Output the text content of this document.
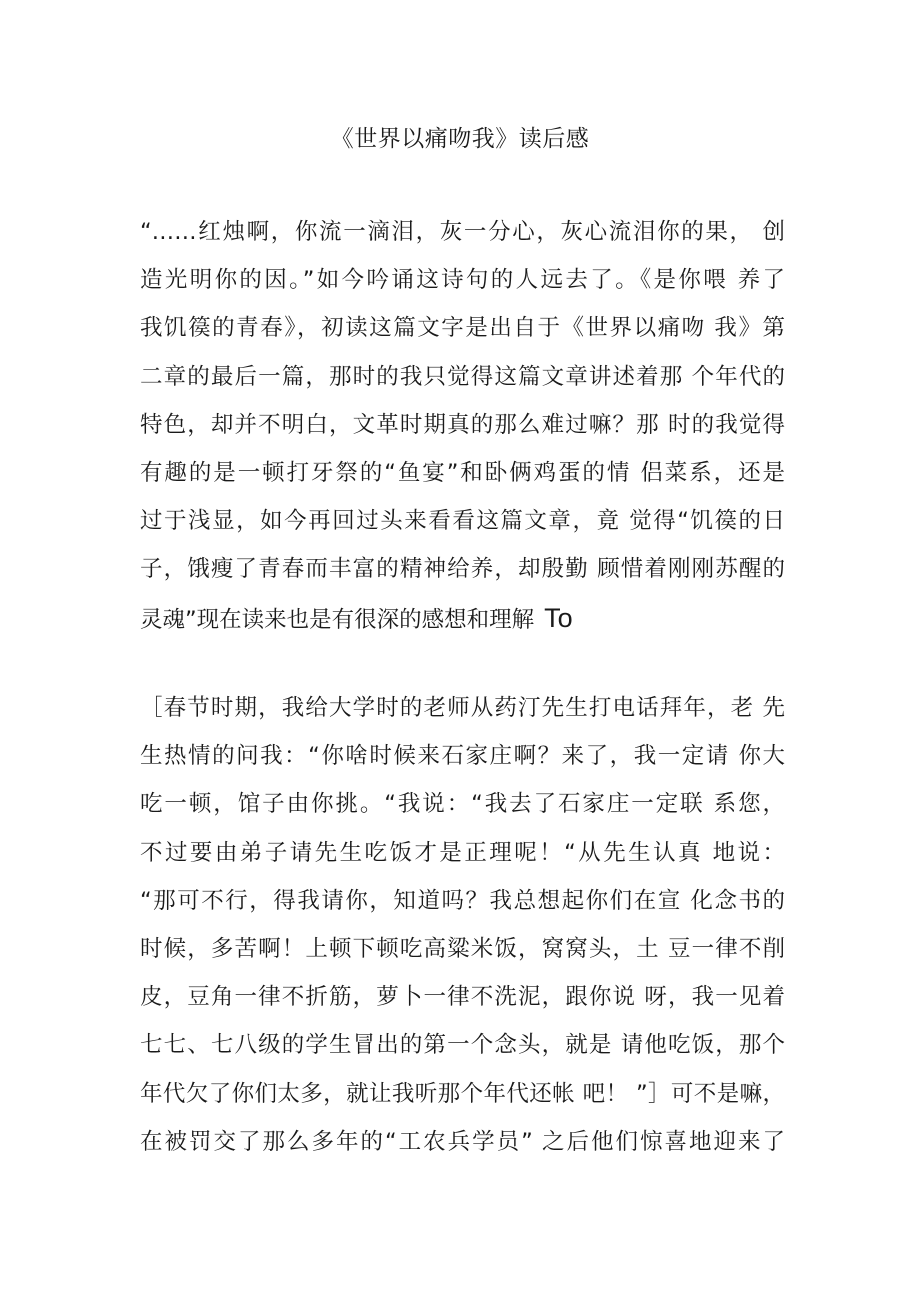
《世界以痛吻我》读后感
“……红烛啊，你流一滴泪，灰一分心，灰心流泪你的果， 创
造光明你的因。”如今吟诵这诗句的人远去了。《是你喂 养了
我饥篌的青春》，初读这篇文字是出自于《世界以痛吻 我》第
二章的最后一篇，那时的我只觉得这篇文章讲述着那 个年代的
特色，却并不明白，文革时期真的那么难过嘛？那 时的我觉得
有趣的是一顿打牙祭的“鱼宴”和卧俩鸡蛋的情 侣菜系，还是
过于浅显，如今再回过头来看看这篇文章，竟 觉得“饥篌的日
子，饿瘦了青春而丰富的精神给养，却殷勤 顾惜着刚刚苏醒的
灵魂”现在读来也是有很深的感想和理解 To
［春节时期，我给大学时的老师从药汀先生打电话拜年，老 先
生热情的问我：“你啥时候来石家庄啊？来了，我一定请 你大
吃一顿，馆子由你挑。“我说：“我去了石家庄一定联 系您，
不过要由弟子请先生吃饭才是正理呢！“从先生认真 地说：
“那可不行，得我请你，知道吗？我总想起你们在宣 化念书的
时候，多苦啊！上顿下顿吃高粱米饭，窝窝头，土 豆一律不削
皮，豆角一律不折筋，萝卜一律不洗泥，跟你说 呀，我一见着
七七、七八级的学生冒出的第一个念头，就是 请他吃饭，那个
年代欠了你们太多，就让我听那个年代还帐 吧！ ”］可不是嘛，
在被罚交了那么多年的“工农兵学员” 之后他们惊喜地迎来了
